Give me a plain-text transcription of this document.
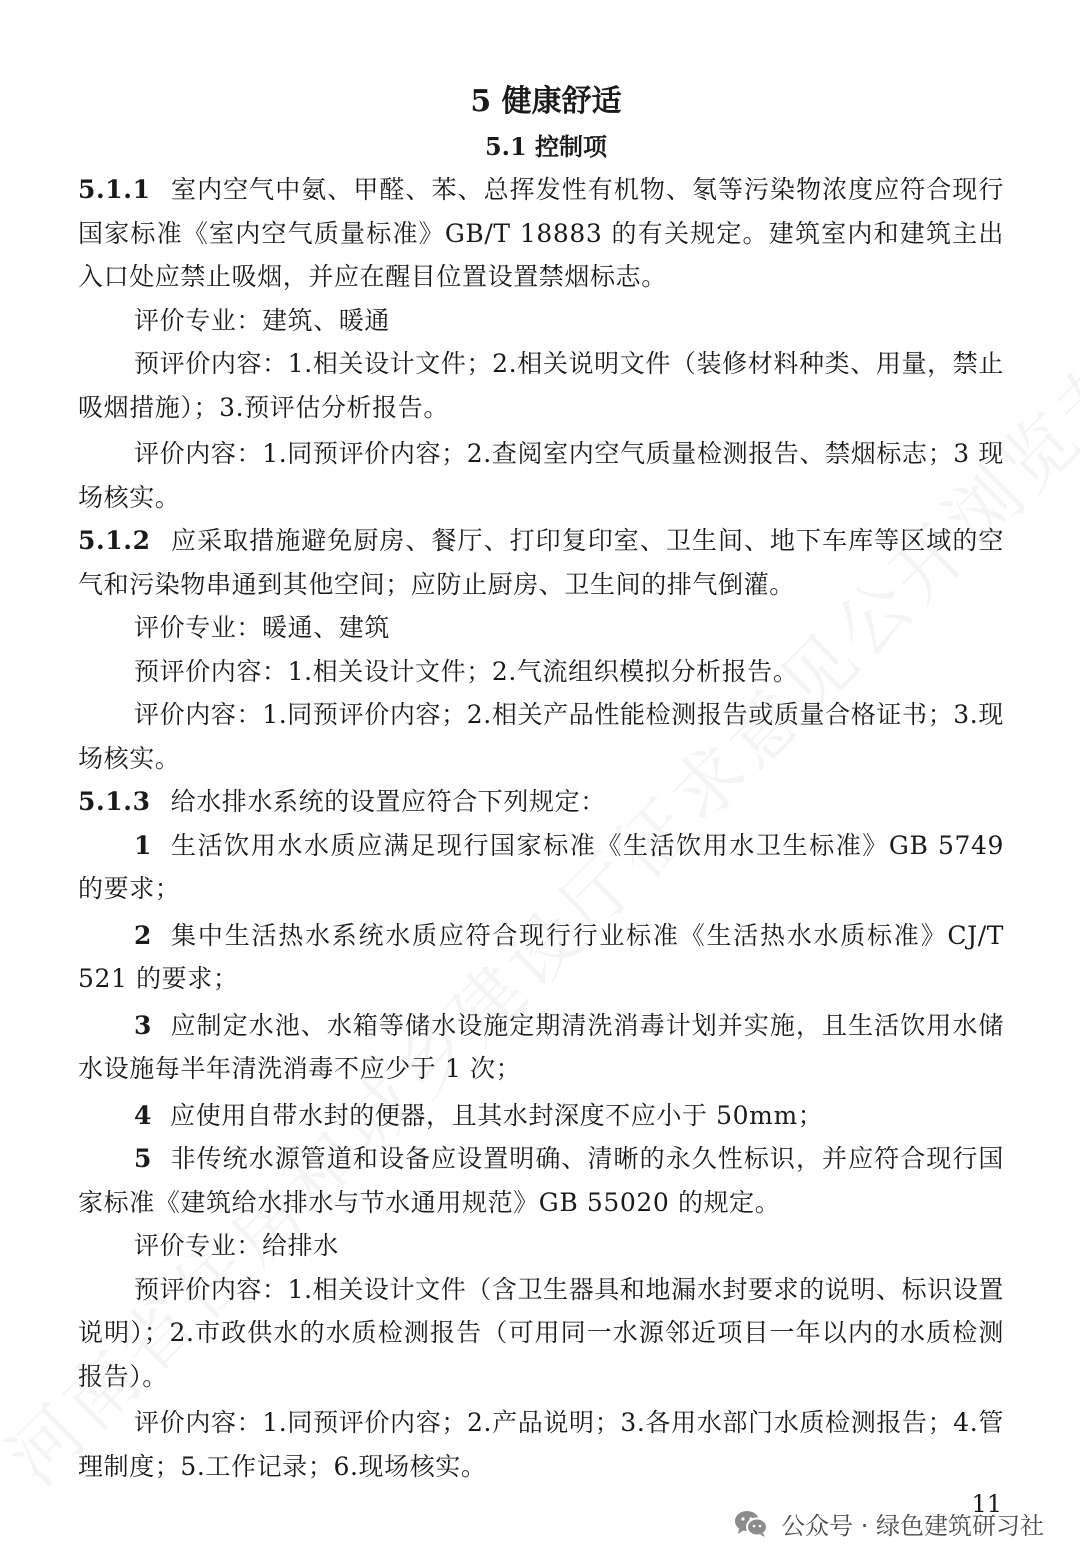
5 健康舒适
5.1 控制项

5.1.1 室内空气中氨、甲醛、苯、总挥发性有机物、氡等污染物浓度应符合现行国家标准《室内空气质量标准》GB/T 18883 的有关规定。建筑室内和建筑主出入口处应禁止吸烟，并应在醒目位置设置禁烟标志。

评价专业：建筑、暖通

预评价内容：1.相关设计文件；2.相关说明文件（装修材料种类、用量，禁止吸烟措施）；3.预评估分析报告。

评价内容：1.同预评价内容；2.查阅室内空气质量检测报告、禁烟标志；3 现场核实。

5.1.2 应采取措施避免厨房、餐厅、打印复印室、卫生间、地下车库等区域的空气和污染物串通到其他空间；应防止厨房、卫生间的排气倒灌。

评价专业：暖通、建筑

预评价内容：1.相关设计文件；2.气流组织模拟分析报告。

评价内容：1.同预评价内容；2.相关产品性能检测报告或质量合格证书；3.现场核实。

5.1.3 给水排水系统的设置应符合下列规定：

1 生活饮用水水质应满足现行国家标准《生活饮用水卫生标准》GB 5749 的要求；

2 集中生活热水系统水质应符合现行行业标准《生活热水水质标准》CJ/T 521 的要求；

3 应制定水池、水箱等储水设施定期清洗消毒计划并实施，且生活饮用水储水设施每半年清洗消毒不应少于 1 次；

4 应使用自带水封的便器，且其水封深度不应小于 50mm；

5 非传统水源管道和设备应设置明确、清晰的永久性标识，并应符合现行国家标准《建筑给水排水与节水通用规范》GB 55020 的规定。

评价专业：给排水

预评价内容：1.相关设计文件（含卫生器具和地漏水封要求的说明、标识设置说明）；2.市政供水的水质检测报告（可用同一水源邻近项目一年以内的水质检测报告）。

评价内容：1.同预评价内容；2.产品说明；3.各用水部门水质检测报告；4.管理制度；5.工作记录；6.现场核实。

11
公众号 · 绿色建筑研习社
